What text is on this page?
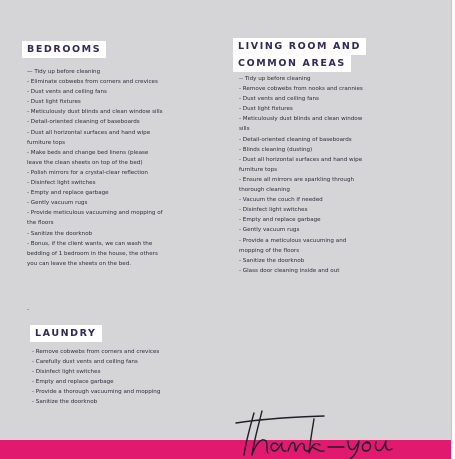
BEDROOMS
— Tidy up before cleaning
- Eliminate cobwebs from corners and crevices
- Dust vents and ceiling fans
- Dust light fixtures
- Meticulously dust blinds and clean window sills
- Detail-oriented cleaning of baseboards
- Dust all horizontal surfaces and hand wipe
furniture tops
- Make beds and change bed linens (please
leave the clean sheets on top of the bed)
- Polish mirrors for a crystal-clear reflection
- Disinfect light switches
- Empty and replace garbage
- Gently vacuum rugs
- Provide meticulous vacuuming and mopping of
the floors
- Sanitize the doorknob
- Bonus, if the client wants, we can wash the
bedding of 1 bedroom in the house, the others
you can leave the sheets on the bed.
.
LIVING ROOM AND
COMMON AREAS
-- Tidy up before cleaning
- Remove cobwebs from nooks and crannies
- Dust vents and ceiling fans
- Dust light fixtures
- Meticulously dust blinds and clean window
sills
- Detail-oriented cleaning of baseboards
- Blinds cleaning (dusting)
- Dust all horizontal surfaces and hand wipe
furniture tops
- Ensure all mirrors are sparkling through
thorough cleaning
- Vacuum the couch if needed
- Disinfect light switches
- Empty and replace garbage
- Gently vacuum rugs
- Provide a meticulous vacuuming and
mopping of the floors
- Sanitize the doorknob
- Glass door cleaning inside and out
LAUNDRY
- Remove cobwebs from corners and crevices
- Carefully dust vents and ceiling fans
- Disinfect light switches
- Empty and replace garbage
- Provide a thorough vacuuming and mopping
- Sanitize the doorknob
